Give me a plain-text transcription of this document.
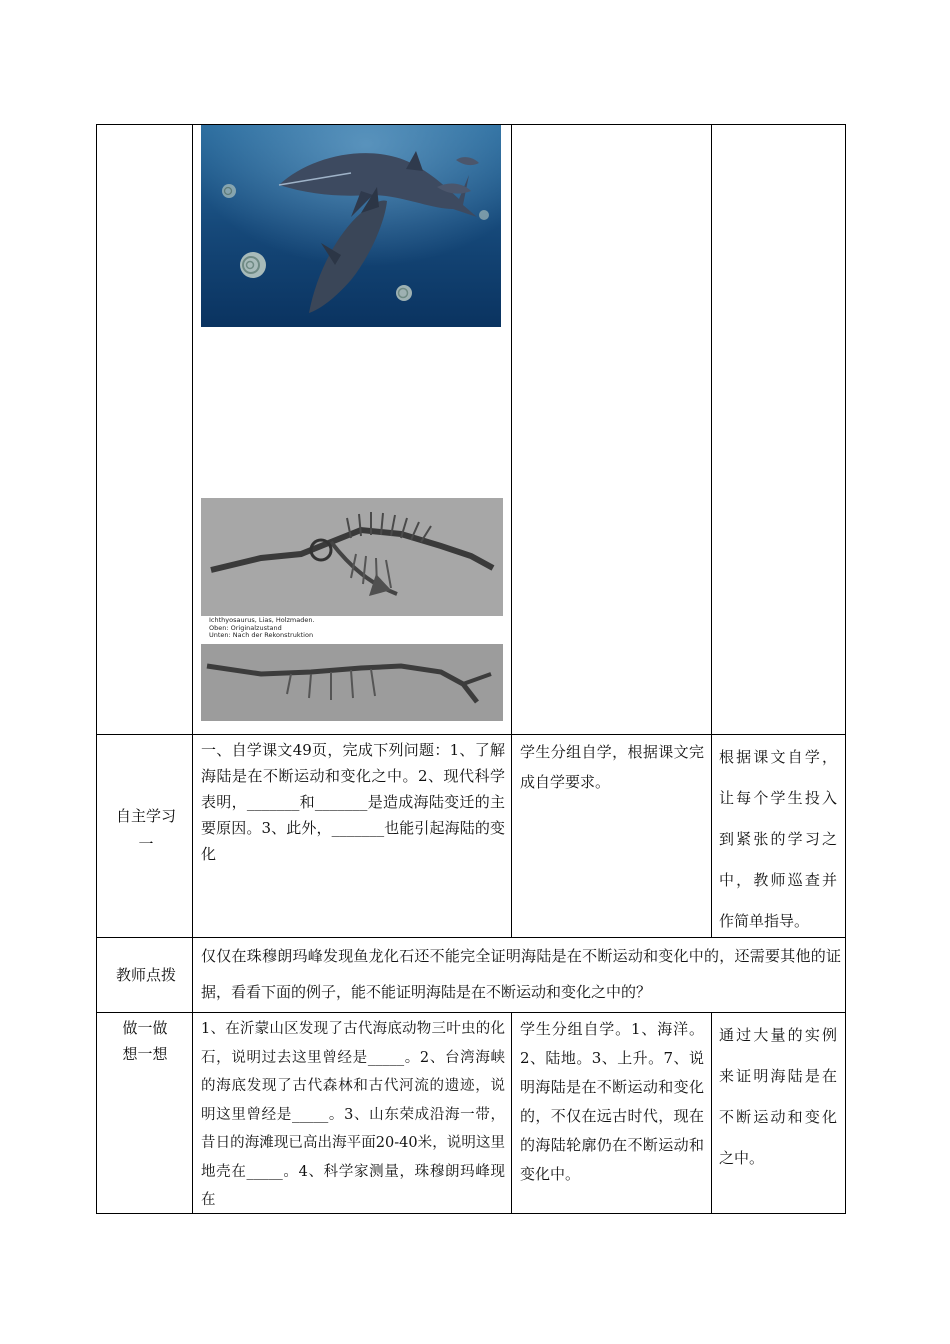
Ichthyosaurus, Lias, Holzmaden.
Oben: Originalzustand
Unten: Nach der Rekonstruktion
自主学习一
一、自学课文49页，完成下列问题：1、了解海陆是在不断运动和变化之中。2、现代科学表明，_______和_______是造成海陆变迁的主要原因。3、此外，_______也能引起海陆的变化
学生分组自学，根据课文完成自学要求。
根据课文自学，让每个学生投入到紧张的学习之中，教师巡查并作简单指导。
教师点拨
仅仅在珠穆朗玛峰发现鱼龙化石还不能完全证明海陆是在不断运动和变化中的，还需要其他的证据，看看下面的例子，能不能证明海陆是在不断运动和变化之中的？
做一做想一想
1、在沂蒙山区发现了古代海底动物三叶虫的化石，说明过去这里曾经是_____。2、台湾海峡的海底发现了古代森林和古代河流的遗迹，说明这里曾经是_____。3、山东荣成沿海一带，昔日的海滩现已高出海平面20-40米，说明这里地壳在_____。4、科学家测量，珠穆朗玛峰现在
学生分组自学。1、海洋。2、陆地。3、上升。7、说明海陆是在不断运动和变化的，不仅在远古时代，现在的海陆轮廓仍在不断运动和变化中。
通过大量的实例来证明海陆是在不断运动和变化之中。
